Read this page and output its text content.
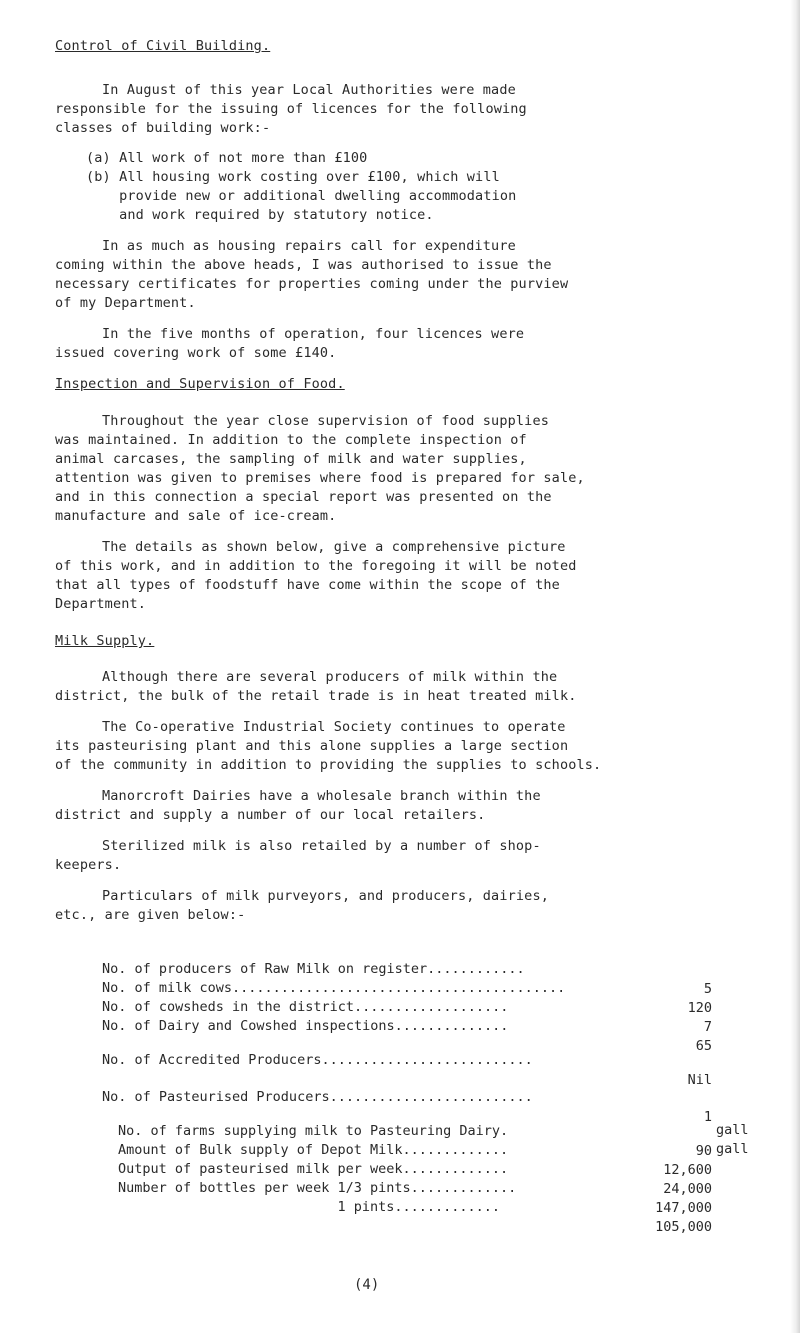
Control of Civil Building.
In August of this year Local Authorities were made
responsible for the issuing of licences for the following
classes of building work:-
(a) All work of not more than £100
(b) All housing work costing over £100, which will
provide new or additional dwelling accommodation
and work required by statutory notice.
In as much as housing repairs call for expenditure
coming within the above heads, I was authorised to issue the
necessary certificates for properties coming under the purview
of my Department.
In the five months of operation, four licences were
issued covering work of some £140.
Inspection and Supervision of Food.
Throughout the year close supervision of food supplies
was maintained. In addition to the complete inspection of
animal carcases, the sampling of milk and water supplies,
attention was given to premises where food is prepared for sale,
and in this connection a special report was presented on the
manufacture and sale of ice-cream.
The details as shown below, give a comprehensive picture
of this work, and in addition to the foregoing it will be noted
that all types of foodstuff have come within the scope of the
Department.
Milk Supply.
Although there are several producers of milk within the
district, the bulk of the retail trade is in heat treated milk.
The Co-operative Industrial Society continues to operate
its pasteurising plant and this alone supplies a large section
of the community in addition to providing the supplies to schools.
Manorcroft Dairies have a wholesale branch within the
district and supply a number of our local retailers.
Sterilized milk is also retailed by a number of shop-
keepers.
Particulars of milk purveyors, and producers, dairies,
etc., are given below:-

No. of producers of Raw Milk on register............

5

No. of milk cows.........................................

120

No. of cowsheds in the district...................

7

No. of Dairy and Cowshed inspections..............

65

No. of Accredited Producers..........................

Nil

No. of Pasteurised Producers.........................

1

No. of farms supplying milk to Pasteuring Dairy.

90

Amount of Bulk supply of Depot Milk.............

12,600

Output of pasteurised milk per week.............

24,000

Number of bottles per week 1/3 pints.............

147,000

1 pints.............

105,000

gall
gall
(4)
